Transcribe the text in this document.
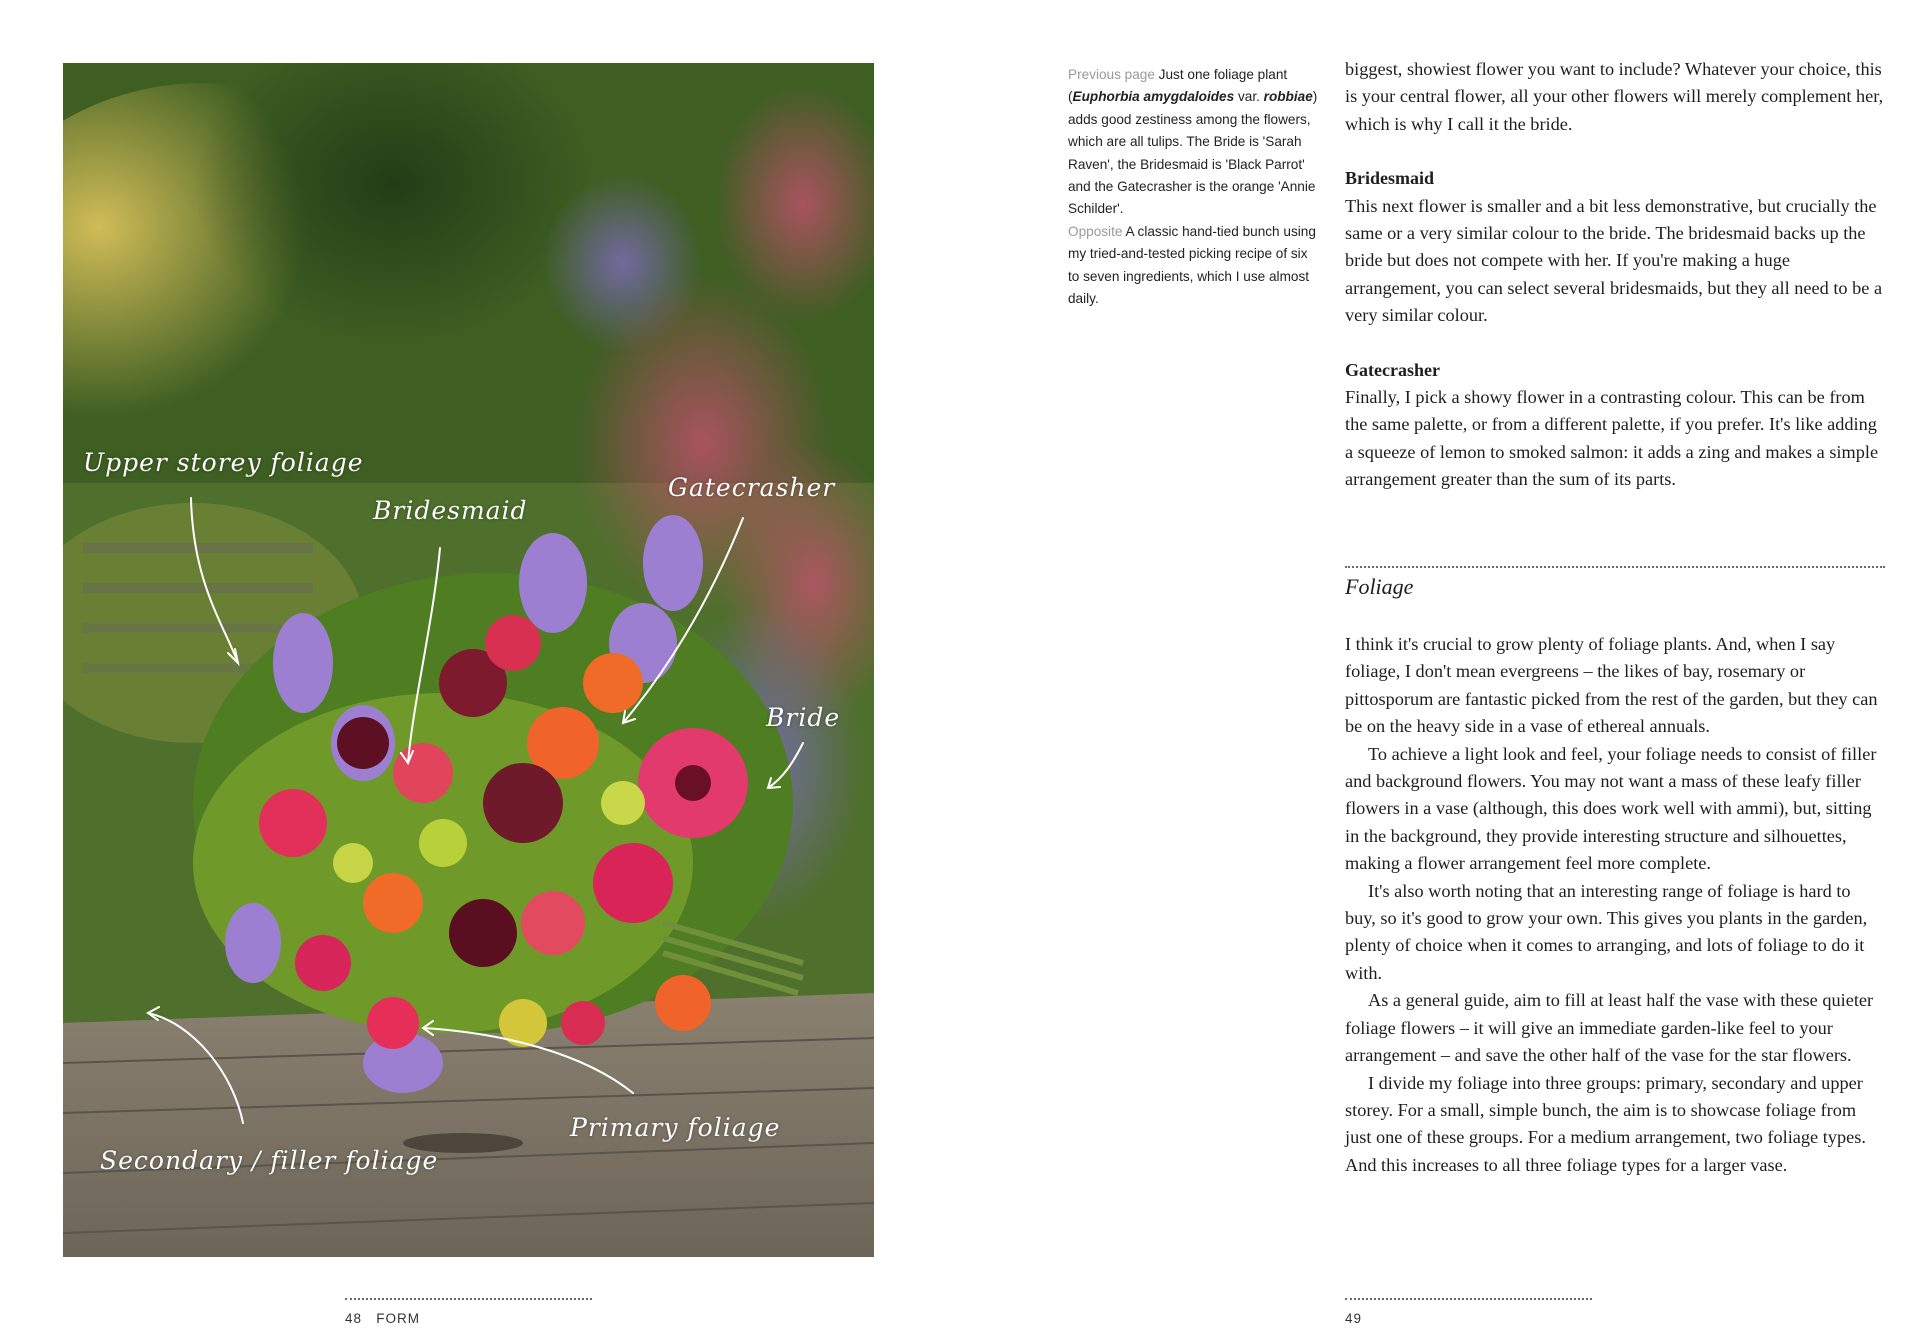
Upper storey foliage
Bridesmaid
Gatecrasher
Bride
Primary foliage
Secondary / filler foliage
48 FORM

Previous page Just one foliage plant (Euphorbia amygdaloides var. robbiae) adds good zestiness among the flowers, which are all tulips. The Bride is 'Sarah Raven', the Bridesmaid is 'Black Parrot' and the Gatecrasher is the orange 'Annie Schilder'.

Opposite A classic hand-tied bunch using my tried-and-tested picking recipe of six to seven ingredients, which I use almost daily.

biggest, showiest flower you want to include? Whatever your choice, this is your central flower, all your other flowers will merely complement her, which is why I call it the bride.

Bridesmaid

This next flower is smaller and a bit less demonstrative, but crucially the same or a very similar colour to the bride. The bridesmaid backs up the bride but does not compete with her. If you're making a huge arrangement, you can select several bridesmaids, but they all need to be a very similar colour.

Gatecrasher

Finally, I pick a showy flower in a contrasting colour. This can be from the same palette, or from a different palette, if you prefer. It's like adding a squeeze of lemon to smoked salmon: it adds a zing and makes a simple arrangement greater than the sum of its parts.

Foliage

I think it's crucial to grow plenty of foliage plants. And, when I say foliage, I don't mean evergreens – the likes of bay, rosemary or pittosporum are fantastic picked from the rest of the garden, but they can be on the heavy side in a vase of ethereal annuals.

To achieve a light look and feel, your foliage needs to consist of filler and background flowers. You may not want a mass of these leafy filler flowers in a vase (although, this does work well with ammi), but, sitting in the background, they provide interesting structure and silhouettes, making a flower arrangement feel more complete.

It's also worth noting that an interesting range of foliage is hard to buy, so it's good to grow your own. This gives you plants in the garden, plenty of choice when it comes to arranging, and lots of foliage to do it with.

As a general guide, aim to fill at least half the vase with these quieter foliage flowers – it will give an immediate garden-like feel to your arrangement – and save the other half of the vase for the star flowers.

I divide my foliage into three groups: primary, secondary and upper storey. For a small, simple bunch, the aim is to showcase foliage from just one of these groups. For a medium arrangement, two foliage types. And this increases to all three foliage types for a larger vase.

49
